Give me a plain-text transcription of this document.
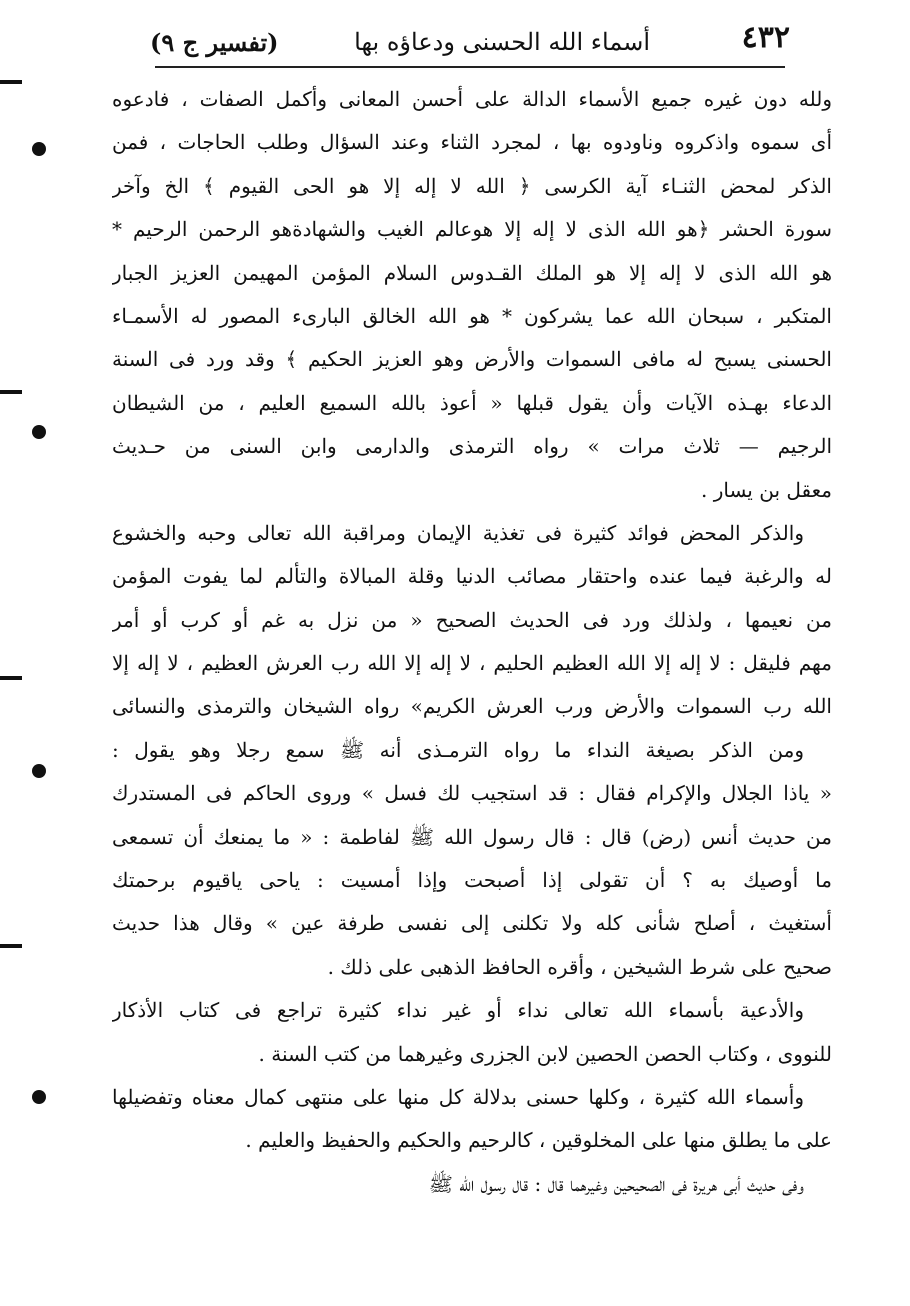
٤٣٢
أسماء الله الحسنى ودعاؤه بها
(تفسير ج ٩)
ولله دون غيره جميع الأسماء الدالة على أحسن المعانى وأكمل الصفات ، فادعوه
أى سموه واذكروه وناودوه بها ، لمجرد الثناء وعند السؤال وطلب الحاجات ، فمن
الذكر لمحض الثنـاء آية الكرسى ﴿ الله لا إله إلا هو الحى القيوم ﴾ الخ وآخر
سورة الحشر ﴿هو الله الذى لا إله إلا هوعالم الغيب والشهادةهو الرحمن الرحيم *
هو الله الذى لا إله إلا هو الملك القـدوس السلام المؤمن المهيمن العزيز الجبار
المتكبر ، سبحان الله عما يشركون * هو الله الخالق البارىء المصور له الأسمـاء
الحسنى يسبح له مافى السموات والأرض وهو العزيز الحكيم ﴾ وقد ورد فى السنة
الدعاء بهـذه الآيات وأن يقول قبلها « أعوذ بالله السميع العليم ، من الشيطان
الرجيم — ثلاث مرات » رواه الترمذى والدارمى وابن السنى من حـديث
معقل بن يسار .
والذكر المحض فوائد كثيرة فى تغذية الإيمان ومراقبة الله تعالى وحبه والخشوع
له والرغبة فيما عنده واحتقار مصائب الدنيا وقلة المبالاة والتألم لما يفوت المؤمن
من نعيمها ، ولذلك ورد فى الحديث الصحيح « من نزل به غم أو كرب أو أمر
مهم فليقل : لا إله إلا الله العظيم الحليم ، لا إله إلا الله رب العرش العظيم ، لا إله إلا
الله رب السموات والأرض ورب العرش الكريم» رواه الشيخان والترمذى والنسائى
ومن الذكر بصيغة النداء ما رواه الترمـذى أنه ﷺ سمع رجلا وهو يقول :
« ياذا الجلال والإكرام فقال : قد استجيب لك فسل » وروى الحاكم فى المستدرك
من حديث أنس (رض) قال : قال رسول الله ﷺ لفاطمة : « ما يمنعك أن تسمعى
ما أوصيك به ؟ أن تقولى إذا أصبحت وإذا أمسيت : ياحى ياقيوم برحمتك
أستغيث ، أصلح شأنى كله ولا تكلنى إلى نفسى طرفة عين » وقال هذا حديث
صحيح على شرط الشيخين ، وأقره الحافظ الذهبى على ذلك .
والأدعية بأسماء الله تعالى نداء أو غير نداء كثيرة تراجع فى كتاب الأذكار
للنووى ، وكتاب الحصن الحصين لابن الجزرى وغيرهما من كتب السنة .
وأسماء الله كثيرة ، وكلها حسنى بدلالة كل منها على منتهى كمال معناه وتفضيلها
على ما يطلق منها على المخلوقين ، كالرحيم والحكيم والحفيظ والعليم .
وفى حديث أبى هريرة فى الصحيحين وغيرهما قال : قال رسول الله ﷺ
